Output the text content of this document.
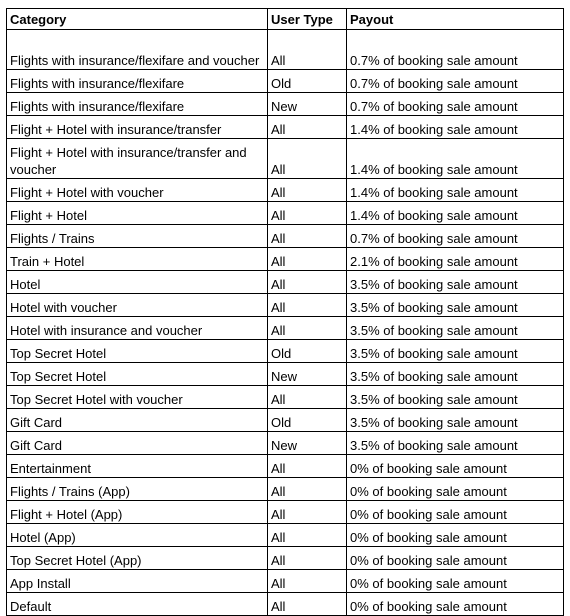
Category	User Type	Payout
Flights with insurance/flexifare and voucher	All	0.7% of booking sale amount
Flights with insurance/flexifare	Old	0.7% of booking sale amount
Flights with insurance/flexifare	New	0.7% of booking sale amount
Flight + Hotel with insurance/transfer	All	1.4% of booking sale amount
Flight + Hotel with insurance/transfer and voucher	All	1.4% of booking sale amount
Flight + Hotel with voucher	All	1.4% of booking sale amount
Flight + Hotel	All	1.4% of booking sale amount
Flights / Trains	All	0.7% of booking sale amount
Train + Hotel	All	2.1% of booking sale amount
Hotel	All	3.5% of booking sale amount
Hotel with voucher	All	3.5% of booking sale amount
Hotel with insurance and voucher	All	3.5% of booking sale amount
Top Secret Hotel	Old	3.5% of booking sale amount
Top Secret Hotel	New	3.5% of booking sale amount
Top Secret Hotel with voucher	All	3.5% of booking sale amount
Gift Card	Old	3.5% of booking sale amount
Gift Card	New	3.5% of booking sale amount
Entertainment	All	0% of booking sale amount
Flights / Trains (App)	All	0% of booking sale amount
Flight + Hotel (App)	All	0% of booking sale amount
Hotel (App)	All	0% of booking sale amount
Top Secret Hotel (App)	All	0% of booking sale amount
App Install	All	0% of booking sale amount
Default	All	0% of booking sale amount
